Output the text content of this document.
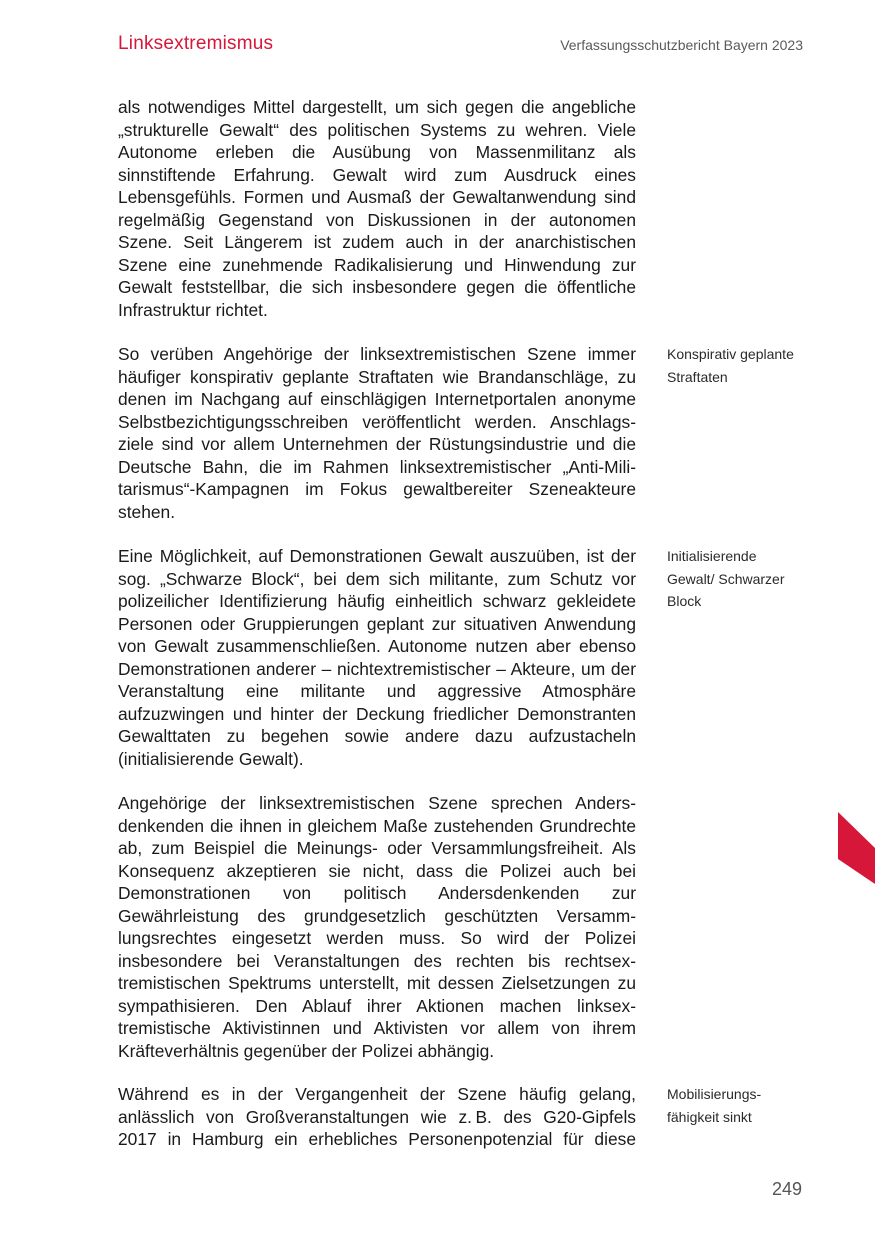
Linksextremismus	Verfassungsschutzbericht Bayern 2023

als notwendiges Mittel dargestellt, um sich gegen die angebliche „strukturelle Gewalt“ des politischen Systems zu wehren. Viele Autonome erleben die Ausübung von Massenmilitanz als sinnstiftende Erfahrung. Gewalt wird zum Ausdruck eines Lebensgefühls. Formen und Ausmaß der Gewaltanwendung sind regelmäßig Gegenstand von Diskussionen in der autonomen Szene. Seit Längerem ist zudem auch in der anarchistischen Szene eine zunehmende Radikalisierung und Hinwendung zur Gewalt feststellbar, die sich insbesondere gegen die öffentliche Infrastruktur richtet.

So verüben Angehörige der linksextremistischen Szene immer häufiger konspirativ geplante Straftaten wie Brandanschläge, zu denen im Nachgang auf einschlägigen Internetportalen anonyme Selbstbezichtigungsschreiben veröffentlicht werden. Anschlagsziele sind vor allem Unternehmen der Rüstungsindustrie und die Deutsche Bahn, die im Rahmen linksextremistischer „Anti-Militarismus“-Kampagnen im Fokus gewaltbereiter Szeneakteure stehen.

Eine Möglichkeit, auf Demonstrationen Gewalt auszuüben, ist der sog. „Schwarze Block“, bei dem sich militante, zum Schutz vor polizeilicher Identifizierung häufig einheitlich schwarz gekleidete Personen oder Gruppierungen geplant zur situativen Anwendung von Gewalt zusammenschließen. Autonome nutzen aber ebenso Demonstrationen anderer – nichtextremistischer – Akteure, um der Veranstaltung eine militante und aggressive Atmosphäre aufzuzwingen und hinter der Deckung friedlicher Demonstranten Gewalttaten zu begehen sowie andere dazu aufzustacheln (initialisierende Gewalt).

Angehörige der linksextremistischen Szene sprechen Andersdenkenden die ihnen in gleichem Maße zustehenden Grundrechte ab, zum Beispiel die Meinungs- oder Versammlungsfreiheit. Als Konsequenz akzeptieren sie nicht, dass die Polizei auch bei Demonstrationen von politisch Andersdenkenden zur Gewährleistung des grundgesetzlich geschützten Versammlungsrechtes eingesetzt werden muss. So wird der Polizei insbesondere bei Veranstaltungen des rechten bis rechtsextremistischen Spektrums unterstellt, mit dessen Zielsetzungen zu sympathisieren. Den Ablauf ihrer Aktionen machen linksextremistische Aktivistinnen und Aktivisten vor allem von ihrem Kräfteverhältnis gegenüber der Polizei abhängig.

Während es in der Vergangenheit der Szene häufig gelang, anlässlich von Großveranstaltungen wie z. B. des G20-Gipfels 2017 in Hamburg ein erhebliches Personenpotenzial für diese

Konspirativ geplante Straftaten
Initialisierende Gewalt/ Schwarzer Block
Mobilisierungs- fähigkeit sinkt
249
